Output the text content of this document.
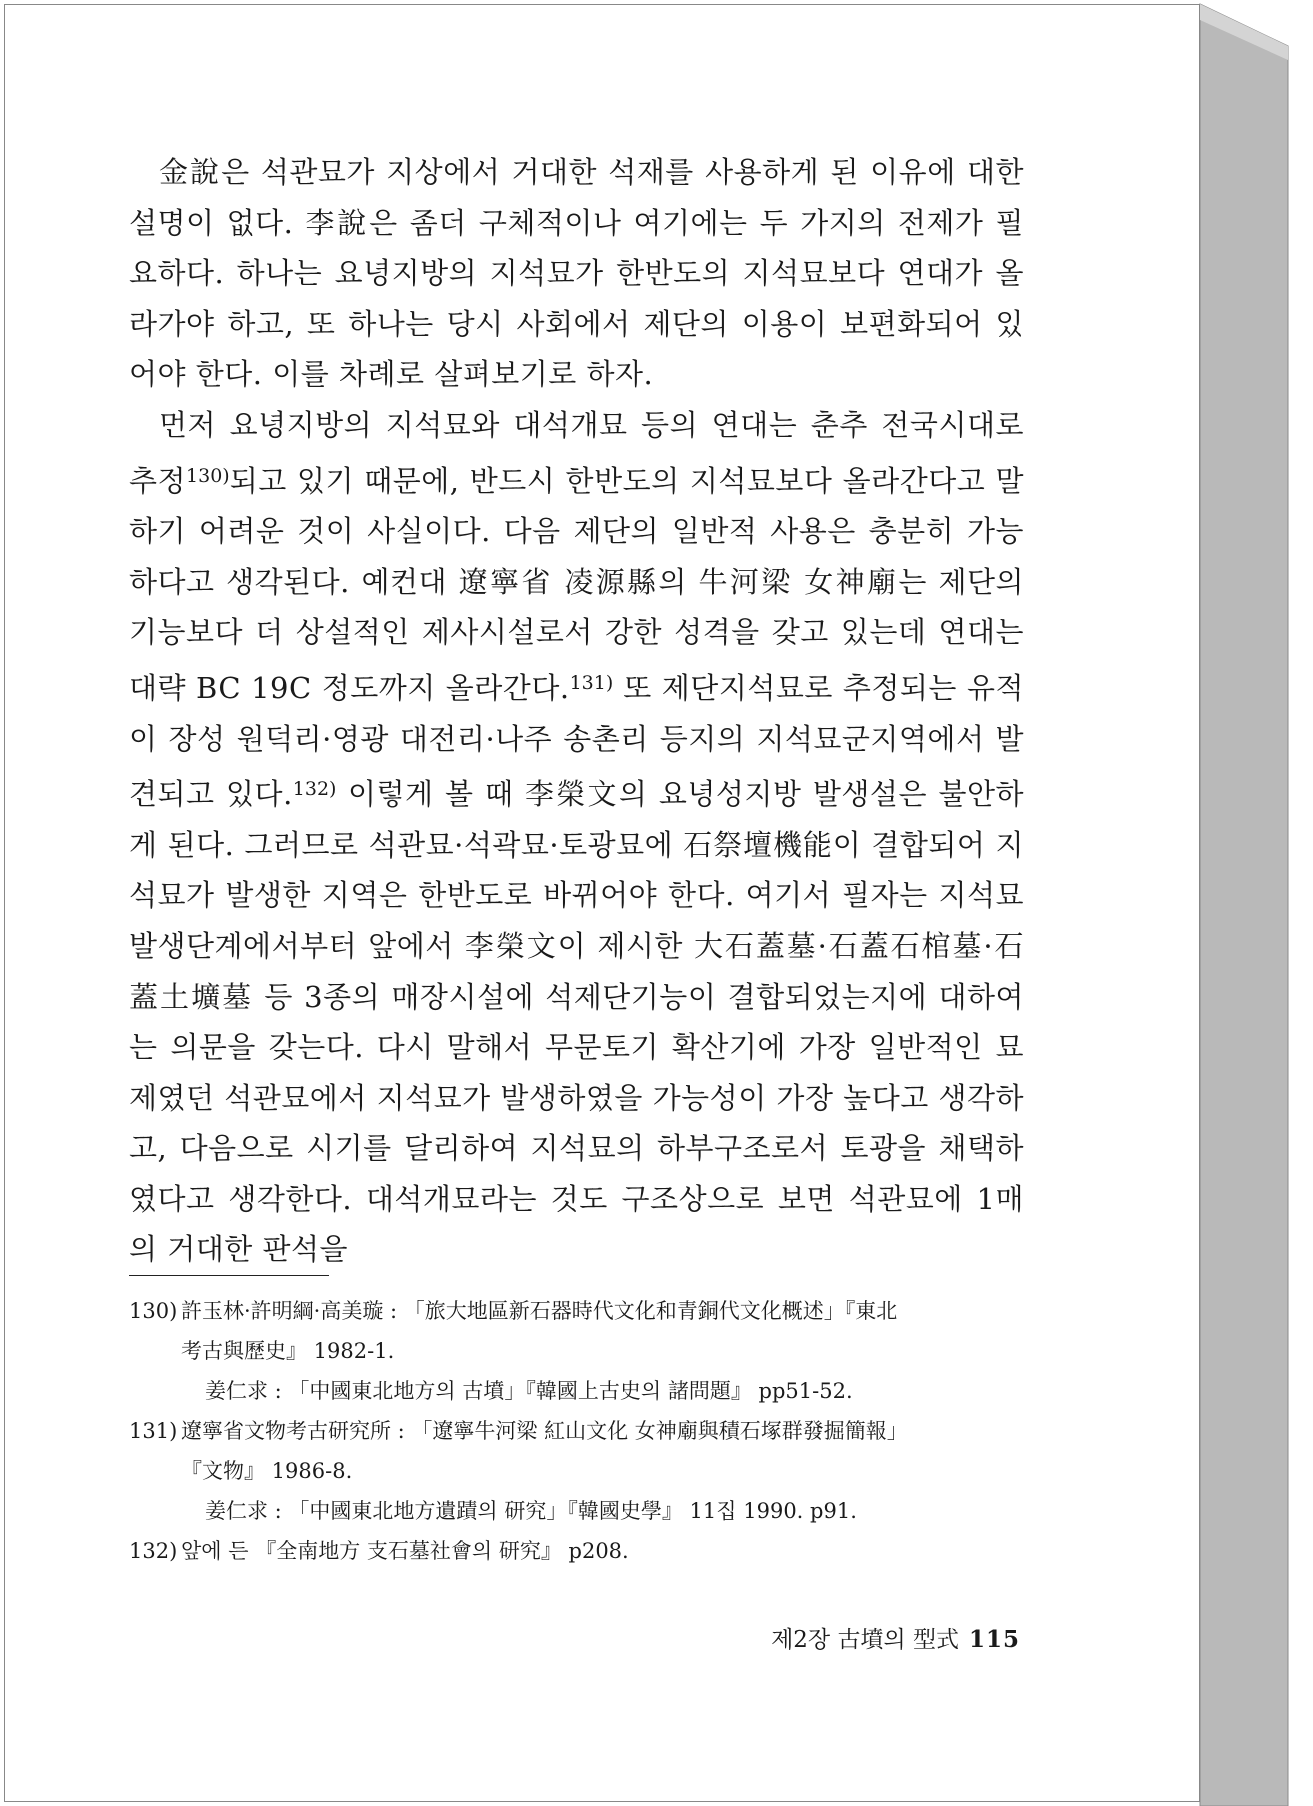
金說은 석관묘가 지상에서 거대한 석재를 사용하게 된 이유에 대한 설명이 없다. 李說은 좀더 구체적이나 여기에는 두 가지의 전제가 필요하다. 하나는 요녕지방의 지석묘가 한반도의 지석묘보다 연대가 올라가야 하고, 또 하나는 당시 사회에서 제단의 이용이 보편화되어 있어야 한다. 이를 차례로 살펴보기로 하자.

먼저 요녕지방의 지석묘와 대석개묘 등의 연대는 춘추 전국시대로 추정$^{130)}$되고 있기 때문에, 반드시 한반도의 지석묘보다 올라간다고 말하기 어려운 것이 사실이다. 다음 제단의 일반적 사용은 충분히 가능하다고 생각된다. 예컨대 遼寧省 凌源縣의 牛河梁 女神廟는 제단의 기능보다 더 상설적인 제사시설로서 강한 성격을 갖고 있는데 연대는 대략 BC 19C 정도까지 올라간다.$^{131)}$ 또 제단지석묘로 추정되는 유적이 장성 원덕리·영광 대전리·나주 송촌리 등지의 지석묘군지역에서 발견되고 있다.$^{132)}$ 이렇게 볼 때 李榮文의 요녕성지방 발생설은 불안하게 된다. 그러므로 석관묘·석곽묘·토광묘에 石祭壇機能이 결합되어 지석묘가 발생한 지역은 한반도로 바뀌어야 한다. 여기서 필자는 지석묘 발생단계에서부터 앞에서 李榮文이 제시한 大石蓋墓·石蓋石棺墓·石蓋土壙墓 등 3종의 매장시설에 석제단기능이 결합되었는지에 대하여는 의문을 갖는다. 다시 말해서 무문토기 확산기에 가장 일반적인 묘제였던 석관묘에서 지석묘가 발생하였을 가능성이 가장 높다고 생각하고, 다음으로 시기를 달리하여 지석묘의 하부구조로서 토광을 채택하였다고 생각한다. 대석개묘라는 것도 구조상으로 보면 석관묘에 1매의 거대한 판석을

130) 許玉林·許明綱·高美璇 : 「旅大地區新石器時代文化和青銅代文化概述」『東北
考古與歷史』 1982-1.
姜仁求 : 「中國東北地方의 古墳」『韓國上古史의 諸問題』 pp51-52.
131) 遼寧省文物考古研究所 : 「遼寧牛河梁 紅山文化 女神廟與積石塚群發掘簡報」
『文物』 1986-8.
姜仁求 : 「中國東北地方遺蹟의 研究」『韓國史學』 11집 1990. p91.
132) 앞에 든 『全南地方 支石墓社會의 研究』 p208.
제2장 古墳의 型式 115
